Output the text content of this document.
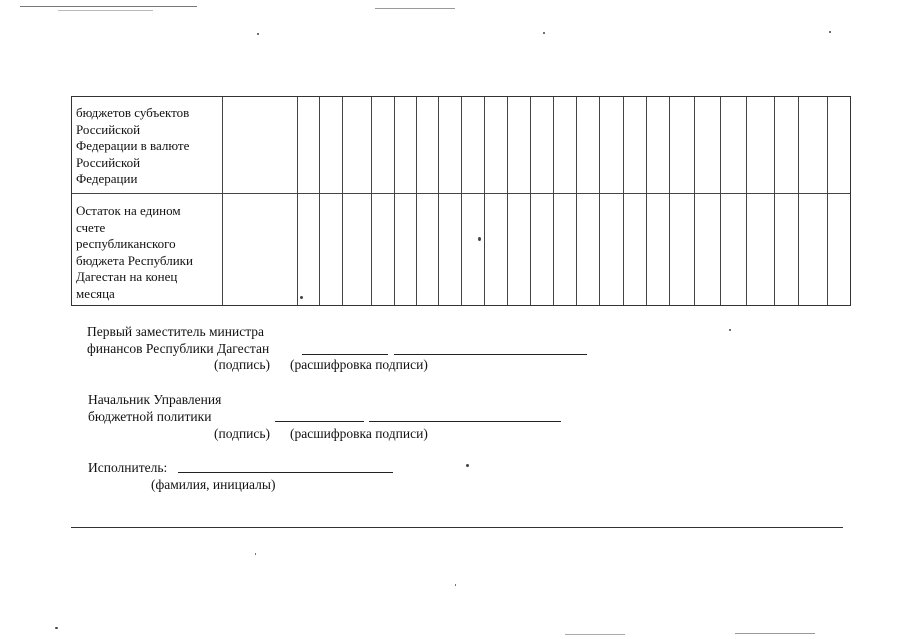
бюджетов субъектов
Российской
Федерации в валюте
Российской
Федерации
Остаток на едином
счете
республиканского
бюджета Республики
Дагестан на конец
месяца
Первый заместитель министра
финансов Республики Дагестан
(подпись) (расшифровка подписи)
Начальник Управления
бюджетной политики
(подпись) (расшифровка подписи)
Исполнитель:
(фамилия, инициалы)
